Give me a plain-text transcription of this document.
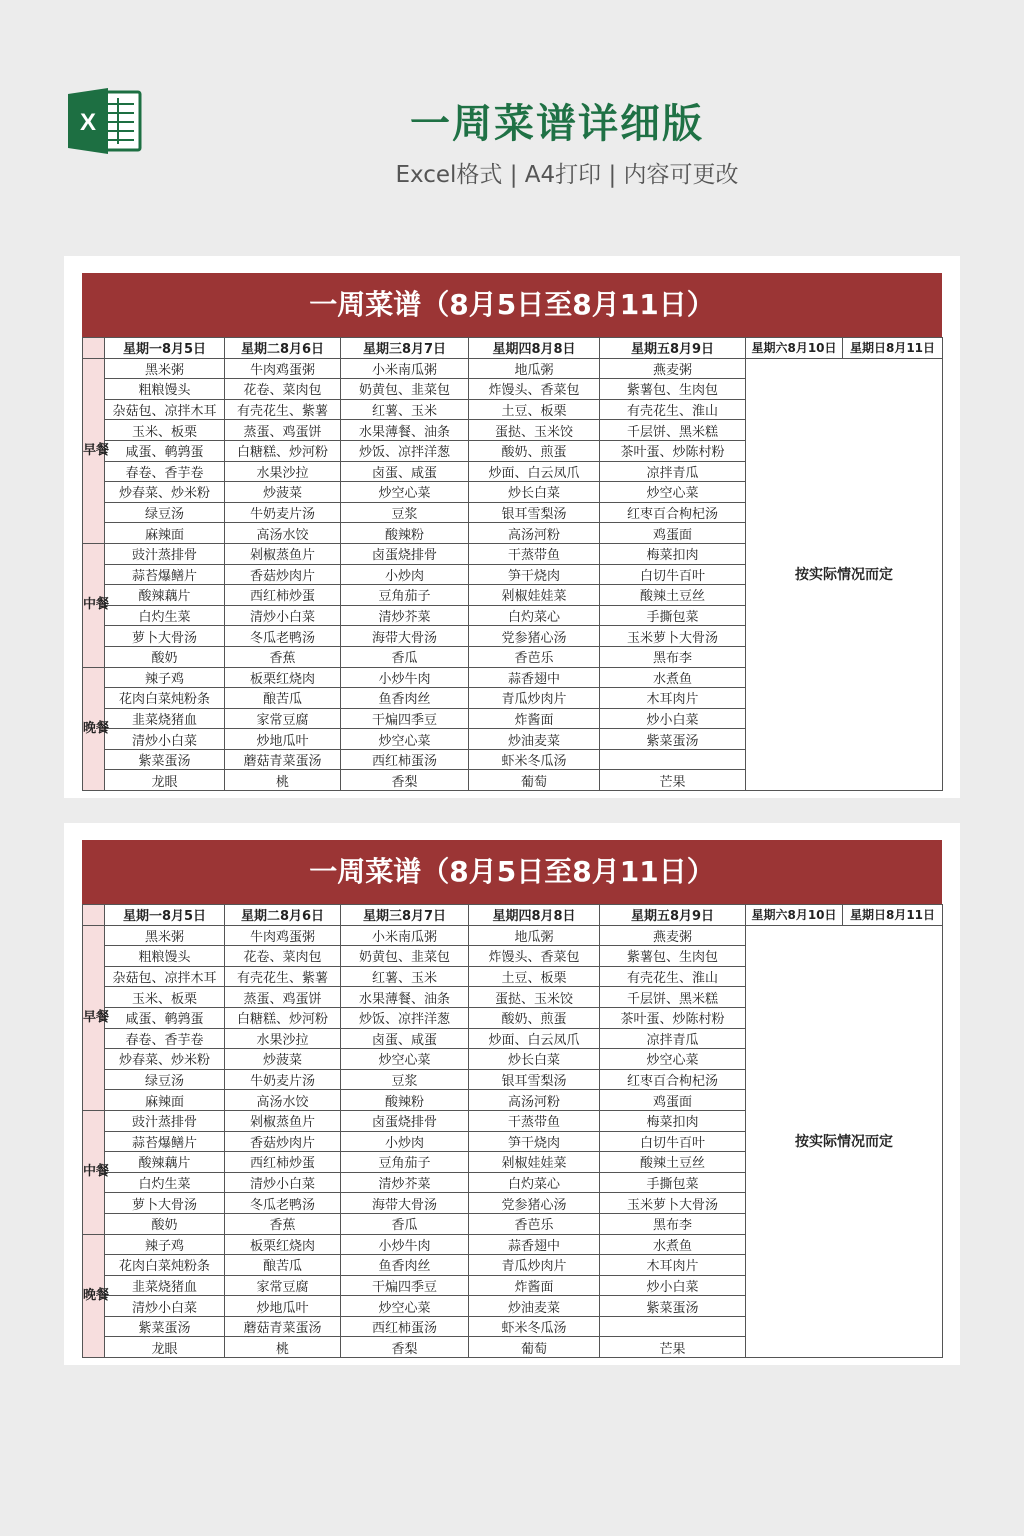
X	一周菜谱详细版
Excel格式 | A4打印 | 内容可更改
一周菜谱（8月5日至8月11日）
	星期一8月5日	星期二8月6日	星期三8月7日	星期四8月8日	星期五8月9日	星期六8月10日	星期日8月11日
早餐	黑米粥	牛肉鸡蛋粥	小米南瓜粥	地瓜粥	燕麦粥	按实际情况而定	
	粗粮馒头	花卷、菜肉包	奶黄包、韭菜包	炸馒头、香菜包	紫薯包、生肉包		
	杂菇包、凉拌木耳	有壳花生、紫薯	红薯、玉米	土豆、板栗	有壳花生、淮山		
	玉米、板栗	蒸蛋、鸡蛋饼	水果薄餐、油条	蛋挞、玉米饺	千层饼、黑米糕		
	咸蛋、鹌鹑蛋	白糖糕、炒河粉	炒饭、凉拌洋葱	酸奶、煎蛋	茶叶蛋、炒陈村粉		
	春卷、香芋卷	水果沙拉	卤蛋、咸蛋	炒面、白云凤爪	凉拌青瓜		
	炒春菜、炒米粉	炒菠菜	炒空心菜	炒长白菜	炒空心菜		
	绿豆汤	牛奶麦片汤	豆浆	银耳雪梨汤	红枣百合枸杞汤		
	麻辣面	高汤水饺	酸辣粉	高汤河粉	鸡蛋面		
中餐	豉汁蒸排骨	剁椒蒸鱼片	卤蛋烧排骨	干蒸带鱼	梅菜扣肉		
	蒜苔爆鳝片	香菇炒肉片	小炒肉	笋干烧肉	白切牛百叶		
	酸辣藕片	西红柿炒蛋	豆角茄子	剁椒娃娃菜	酸辣土豆丝		
	白灼生菜	清炒小白菜	清炒芥菜	白灼菜心	手撕包菜		
	萝卜大骨汤	冬瓜老鸭汤	海带大骨汤	党参猪心汤	玉米萝卜大骨汤		
	酸奶	香蕉	香瓜	香芭乐	黑布李		
晚餐	辣子鸡	板栗红烧肉	小炒牛肉	蒜香翅中	水煮鱼		
	花肉白菜炖粉条	酿苦瓜	鱼香肉丝	青瓜炒肉片	木耳肉片		
	韭菜烧猪血	家常豆腐	干煸四季豆	炸酱面	炒小白菜		
	清炒小白菜	炒地瓜叶	炒空心菜	炒油麦菜	紫菜蛋汤		
	紫菜蛋汤	蘑菇青菜蛋汤	西红柿蛋汤	虾米冬瓜汤			
	龙眼	桃	香梨	葡萄	芒果		
一周菜谱（8月5日至8月11日）
	星期一8月5日	星期二8月6日	星期三8月7日	星期四8月8日	星期五8月9日	星期六8月10日	星期日8月11日
早餐	黑米粥	牛肉鸡蛋粥	小米南瓜粥	地瓜粥	燕麦粥	按实际情况而定	
	粗粮馒头	花卷、菜肉包	奶黄包、韭菜包	炸馒头、香菜包	紫薯包、生肉包		
	杂菇包、凉拌木耳	有壳花生、紫薯	红薯、玉米	土豆、板栗	有壳花生、淮山		
	玉米、板栗	蒸蛋、鸡蛋饼	水果薄餐、油条	蛋挞、玉米饺	千层饼、黑米糕		
	咸蛋、鹌鹑蛋	白糖糕、炒河粉	炒饭、凉拌洋葱	酸奶、煎蛋	茶叶蛋、炒陈村粉		
	春卷、香芋卷	水果沙拉	卤蛋、咸蛋	炒面、白云凤爪	凉拌青瓜		
	炒春菜、炒米粉	炒菠菜	炒空心菜	炒长白菜	炒空心菜		
	绿豆汤	牛奶麦片汤	豆浆	银耳雪梨汤	红枣百合枸杞汤		
	麻辣面	高汤水饺	酸辣粉	高汤河粉	鸡蛋面		
中餐	豉汁蒸排骨	剁椒蒸鱼片	卤蛋烧排骨	干蒸带鱼	梅菜扣肉		
	蒜苔爆鳝片	香菇炒肉片	小炒肉	笋干烧肉	白切牛百叶		
	酸辣藕片	西红柿炒蛋	豆角茄子	剁椒娃娃菜	酸辣土豆丝		
	白灼生菜	清炒小白菜	清炒芥菜	白灼菜心	手撕包菜		
	萝卜大骨汤	冬瓜老鸭汤	海带大骨汤	党参猪心汤	玉米萝卜大骨汤		
	酸奶	香蕉	香瓜	香芭乐	黑布李		
晚餐	辣子鸡	板栗红烧肉	小炒牛肉	蒜香翅中	水煮鱼		
	花肉白菜炖粉条	酿苦瓜	鱼香肉丝	青瓜炒肉片	木耳肉片		
	韭菜烧猪血	家常豆腐	干煸四季豆	炸酱面	炒小白菜		
	清炒小白菜	炒地瓜叶	炒空心菜	炒油麦菜	紫菜蛋汤		
	紫菜蛋汤	蘑菇青菜蛋汤	西红柿蛋汤	虾米冬瓜汤			
	龙眼	桃	香梨	葡萄	芒果		
